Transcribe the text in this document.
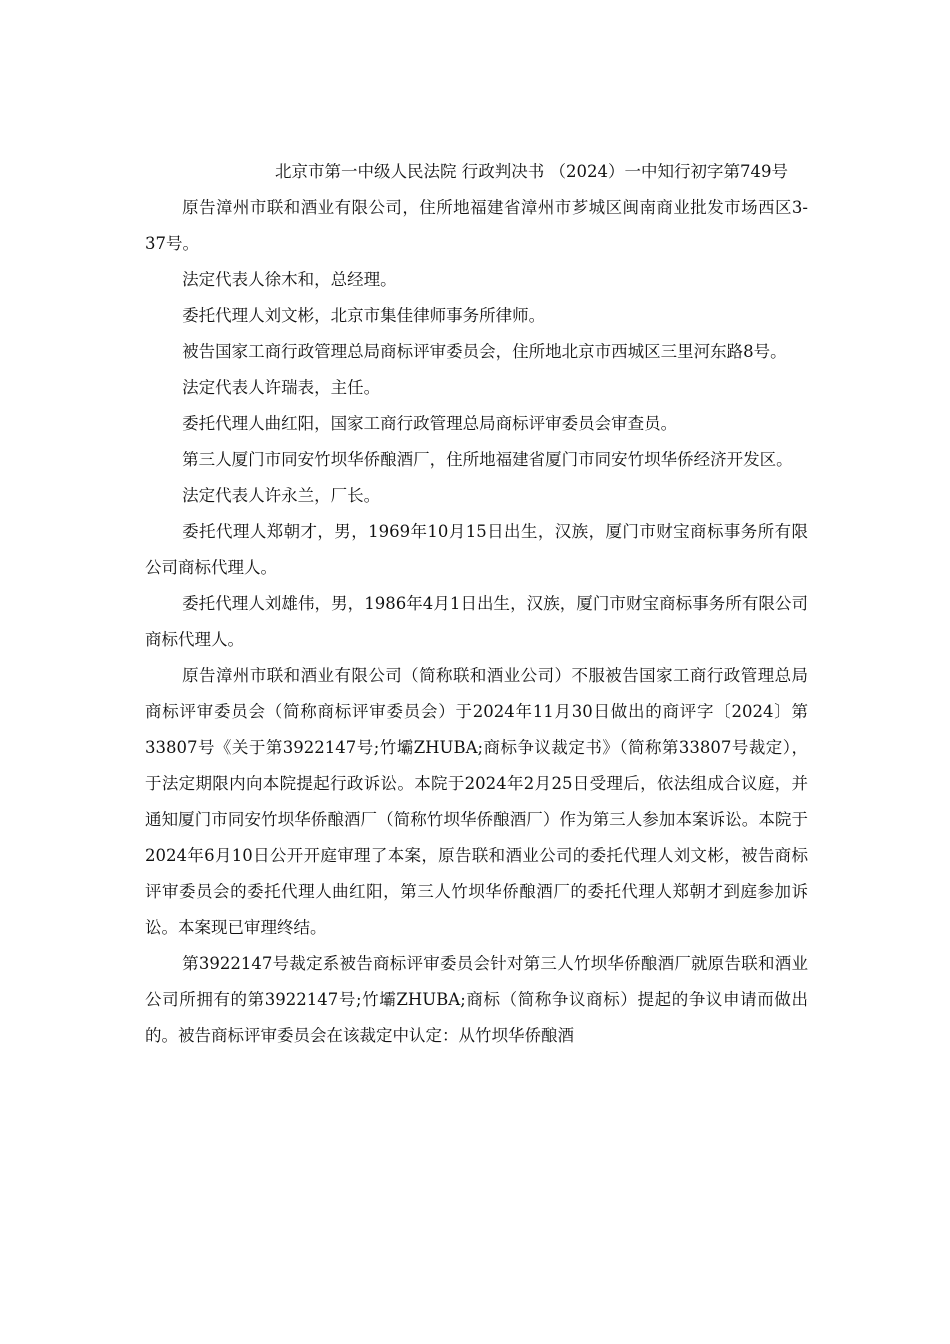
北京市第一中级人民法院 行政判决书 （2024）一中知行初字第749号

原告漳州市联和酒业有限公司，住所地福建省漳州市芗城区闽南商业批发市场西区3-37号。

法定代表人徐木和，总经理。

委托代理人刘文彬，北京市集佳律师事务所律师。

被告国家工商行政管理总局商标评审委员会，住所地北京市西城区三里河东路8号。

法定代表人许瑞表，主任。

委托代理人曲红阳，国家工商行政管理总局商标评审委员会审查员。

第三人厦门市同安竹坝华侨酿酒厂，住所地福建省厦门市同安竹坝华侨经济开发区。

法定代表人许永兰，厂长。

委托代理人郑朝才，男，1969年10月15日出生，汉族，厦门市财宝商标事务所有限公司商标代理人。

委托代理人刘雄伟，男，1986年4月1日出生，汉族，厦门市财宝商标事务所有限公司商标代理人。

原告漳州市联和酒业有限公司（简称联和酒业公司）不服被告国家工商行政管理总局商标评审委员会（简称商标评审委员会）于2024年11月30日做出的商评字〔2024〕第33807号《关于第3922147号;竹壩ZHUBA;商标争议裁定书》（简称第33807号裁定），于法定期限内向本院提起行政诉讼。本院于2024年2月25日受理后，依法组成合议庭，并通知厦门市同安竹坝华侨酿酒厂（简称竹坝华侨酿酒厂）作为第三人参加本案诉讼。本院于2024年6月10日公开开庭审理了本案，原告联和酒业公司的委托代理人刘文彬，被告商标评审委员会的委托代理人曲红阳，第三人竹坝华侨酿酒厂的委托代理人郑朝才到庭参加诉讼。本案现已审理终结。

第3922147号裁定系被告商标评审委员会针对第三人竹坝华侨酿酒厂就原告联和酒业公司所拥有的第3922147号;竹壩ZHUBA;商标（简称争议商标）提起的争议申请而做出的。被告商标评审委员会在该裁定中认定：从竹坝华侨酿酒
